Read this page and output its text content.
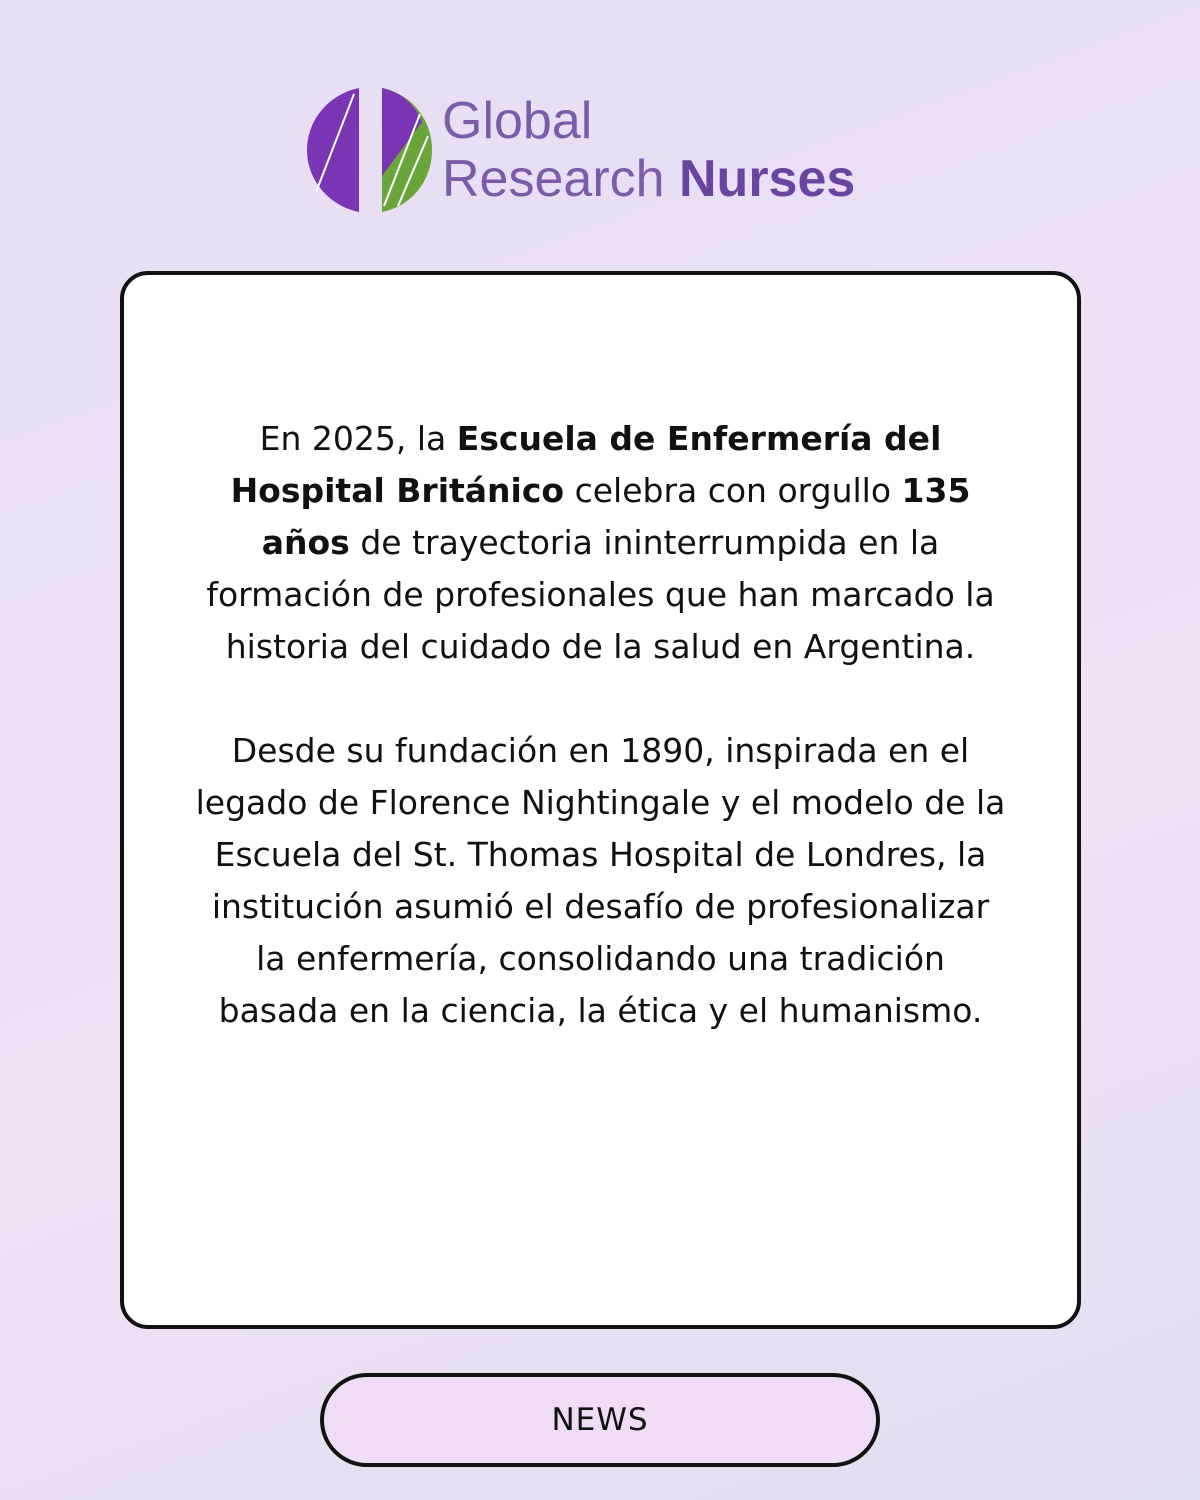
Global
Research Nurses

En 2025, la Escuela de Enfermería del Hospital Británico celebra con orgullo 135 años de trayectoria ininterrumpida en la formación de profesionales que han marcado la historia del cuidado de la salud en Argentina.

Desde su fundación en 1890, inspirada en el legado de Florence Nightingale y el modelo de la Escuela del St. Thomas Hospital de Londres, la institución asumió el desafío de profesionalizar la enfermería, consolidando una tradición basada en la ciencia, la ética y el humanismo.

NEWS
